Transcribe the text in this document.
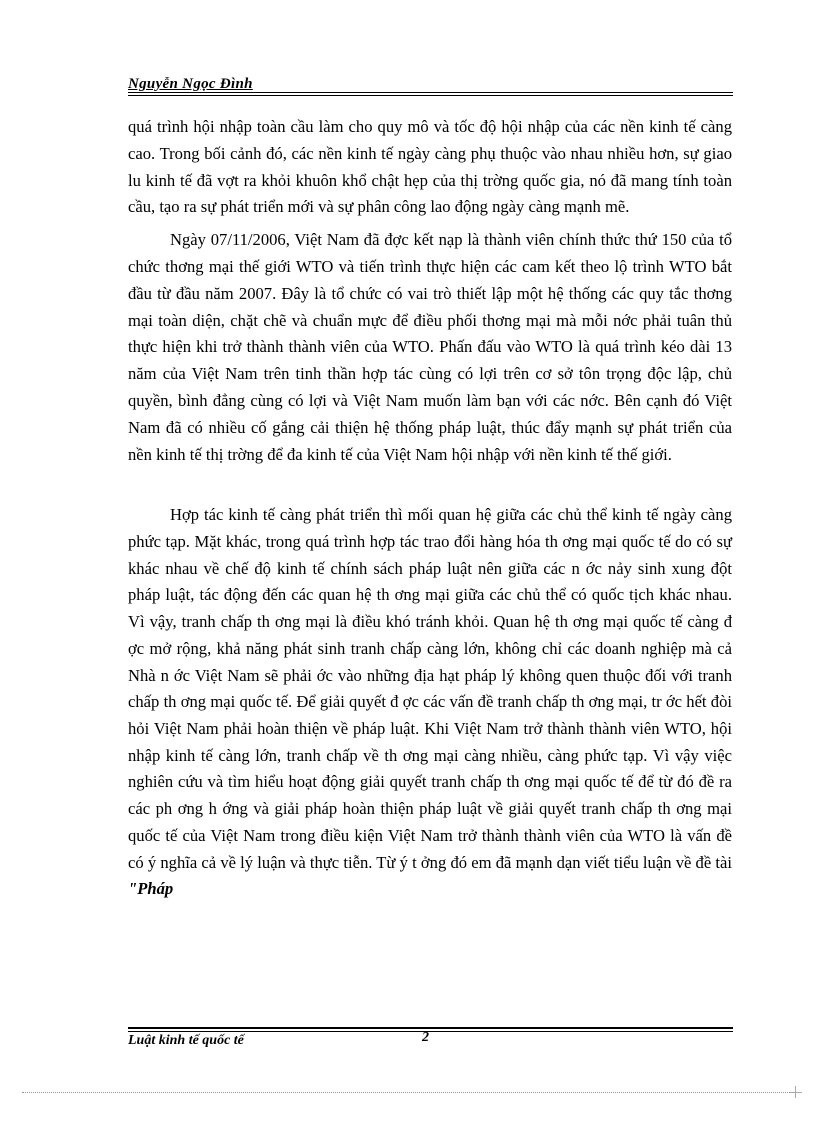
Nguyễn Ngọc Đình

quá trình hội nhập toàn cầu làm cho quy mô và tốc độ hội nhập của các nền kinh tế càng cao. Trong bối cảnh đó, các nền kinh tế ngày càng phụ thuộc vào nhau nhiều hơn, sự giao lu kinh tế đã vợt ra khỏi khuôn khổ chật hẹp của thị trờng quốc gia, nó đã mang tính toàn cầu, tạo ra sự phát triển mới và sự phân công lao động ngày càng mạnh mẽ.

Ngày 07/11/2006, Việt Nam đã đợc kết nạp là thành viên chính thức thứ 150 của tổ chức thơng mại thế giới WTO và tiến trình thực hiện các cam kết theo lộ trình WTO bắt đầu từ đầu năm 2007. Đây là tổ chức có vai trò thiết lập một hệ thống các quy tắc thơng mại toàn diện, chặt chẽ và chuẩn mực để điều phối thơng mại mà mỗi nớc phải tuân thủ thực hiện khi trở thành thành viên của WTO. Phấn đấu vào WTO là quá trình kéo dài 13 năm của Việt Nam trên tinh thần hợp tác cùng có lợi trên cơ sở tôn trọng độc lập, chủ quyền, bình đẳng cùng có lợi và Việt Nam muốn làm bạn với các nớc. Bên cạnh đó Việt Nam đã có nhiều cố gắng cải thiện hệ thống pháp luật, thúc đẩy mạnh sự phát triển của nền kinh tế thị trờng để đa kinh tế của Việt Nam hội nhập với nền kinh tế thế giới.

Hợp tác kinh tế càng phát triển thì mối quan hệ giữa các chủ thể kinh tế ngày càng phức tạp. Mặt khác, trong quá trình hợp tác trao đổi hàng hóa th ơng mại quốc tế do có sự khác nhau về chế độ kinh tế chính sách pháp luật nên giữa các n ớc nảy sinh xung đột pháp luật, tác động đến các quan hệ th ơng mại giữa các chủ thể có quốc tịch khác nhau. Vì vậy, tranh chấp th ơng mại là điều khó tránh khỏi. Quan hệ th ơng mại quốc tế càng đ ợc mở rộng, khả năng phát sinh tranh chấp càng lớn, không chỉ các doanh nghiệp mà cả Nhà n ớc Việt Nam sẽ phải ớc vào những địa hạt pháp lý không quen thuộc đối với tranh chấp th ơng mại quốc tế. Để giải quyết đ ợc các vấn đề tranh chấp th ơng mại, tr ớc hết đòi hỏi Việt Nam phải hoàn thiện về pháp luật. Khi Việt Nam trở thành thành viên WTO, hội nhập kinh tế càng lớn, tranh chấp về th ơng mại càng nhiều, càng phức tạp. Vì vậy việc nghiên cứu và tìm hiểu hoạt động giải quyết tranh chấp th ơng mại quốc tế để từ đó đề ra các ph ơng h ớng và giải pháp hoàn thiện pháp luật về giải quyết tranh chấp th ơng mại quốc tế của Việt Nam trong điều kiện Việt Nam trở thành thành viên của WTO là vấn đề có ý nghĩa cả về lý luận và thực tiễn. Từ ý t ởng đó em đã mạnh dạn viết tiểu luận về đề tài "Pháp

Luật kinh tế quốc tế	2
